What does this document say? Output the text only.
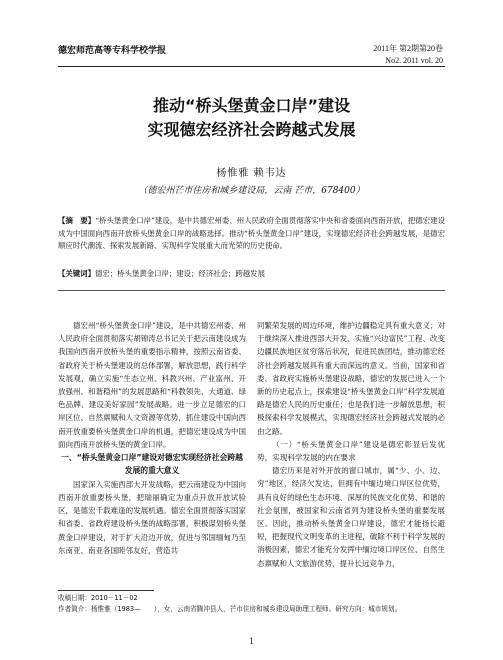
德宏师范高等专科学校学报	2011年 第2期第20卷
No2. 2011 vol. 20
推动“桥头堡黄金口岸”建设
实现德宏经济社会跨越式发展
杨惟雅 赖韦达
（德宏州芒市住房和城乡建设局，云南 芒市，678400）
【摘　要】“桥头堡黄金口岸”建设，是中共德宏州委、州人民政府全面贯彻落实中央和省委面向西南开放，把德宏建设成为中国面向西南开放桥头堡黄金口岸的战略选择。推动“桥头堡黄金口岸”建设，实现德宏经济社会跨越发展，是德宏顺应时代潮流、探索发展新路、实现科学发展重大而光荣的历史使命。
【关键词】德宏；桥头堡黄金口岸；建设；经济社会；跨越发展

德宏州“桥头堡黄金口岸”建设，是中共德宏州委、州人民政府全面贯彻落实胡锦涛总书记关于把云南建设成为我国向西南开放桥头堡的重要指示精神，按照云南省委、省政府关于桥头堡建设的总体部署，解放思想，践行科学发展观，确立实施“生态立州、科教兴州、产业富州、开放强州、和谐稳州”的发展思路和“科教领先、大通道、绿色品牌、建设美好家园”发展战略。进一步立足德宏的口岸区位、自然禀赋和人文资源等优势，抓住建设中国向西南开放重要桥头堡黄金口岸的机遇，把德宏建设成为中国面向西南开放桥头堡的黄金口岸。

一、“桥头堡黄金口岸”建设对德宏实现经济社会跨越发展的重大意义

国家深入实施西部大开发战略，把云南建设为中国向西南开放重要桥头堡，把瑞丽确定为重点开放开放试验区，是德宏千载难逢的发展机遇。德宏全面贯彻落实国家和省委、省政府建设桥头堡的战略部署，积极谋划桥头堡黄金口岸建设，对于扩大沿边开放，促进与邻国缅甸乃至东南亚、南亚各国睦邻友好，营造共

同繁荣发展的周边环境，维护边疆稳定具有重大意义；对于继续深入推进西部大开发、实施“兴边富民”工程、改变边疆民族地区贫穷落后状况，促进民族团结，推动德宏经济社会跨越发展具有重大而深远的意义。当前，国家和省委、省政府实施桥头堡建设战略，德宏的发展已进入一个新的历史起点上，探索建设“桥头堡黄金口岸”科学发展道路是德宏人民的历史重任；也是我们进一步解放思想，积极探索科学发展模式，实现德宏经济社会跨越式发展的必由之路。

（一）“桥头堡黄金口岸”建设是德宏彰显后发优势，实现科学发展的内在要求

德宏历来是对外开放的窗口城市，属“少、小、边、穷”地区，经济欠发达，但拥有中缅边境口岸区位优势，具有良好的绿色生态环境、深厚的民族文化优势、和谐的社会氛围，被国家和云南省列为建设桥头堡的重要发展区。因此，推动桥头堡黄金口岸建设，德宏才能扬长避短，把握现代文明变革的主进程，破除不利于科学发展的消极因素，德宏才能充分发挥中缅边境口岸区位、自然生态禀赋和人文旅游优势，提升长远竞争力，

收稿日期：2010－11－02
作者简介：杨惟雅（1983—　　），女，云南省腾冲县人，芒市住房和城乡建设局助理工程师。研究方向：城市规划。
1
